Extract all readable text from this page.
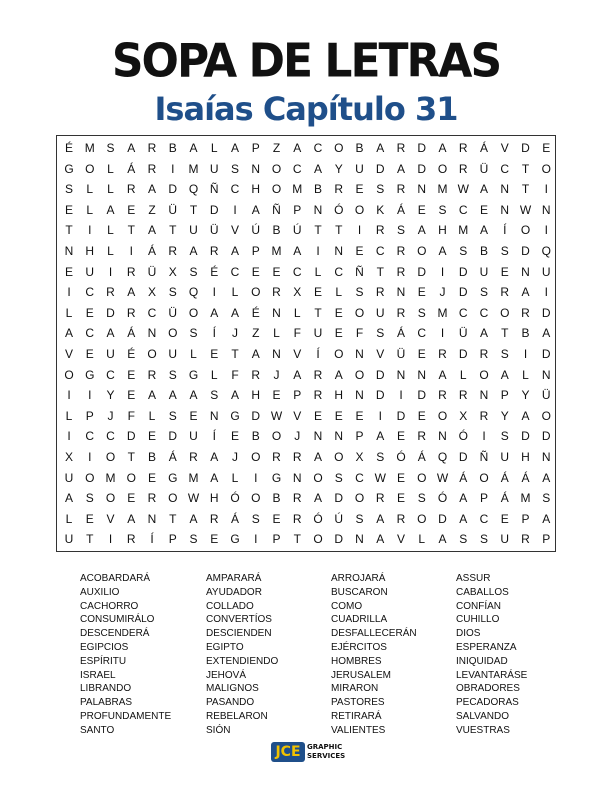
SOPA DE LETRAS
Isaías Capítulo 31
É M S	A	R	B	A	L	A	P	Z	A	C O	B	A	R	D	A	R	Á	V	D	E
G O	L	Á	R	I	M U	S	N O C	A	Y	U	D	A	D O R	Ü	C	T	O
S	L	L	R	A	D Q Ñ	C	H O M B	R	E	S	R	N M W A	N	T	I
E	L	A	E	Z	Ü	T	D	I	A	Ñ	P	N Ó O	K	Á	E	S	C	E	N W N
T	I	L	T	A	T	U	Ü	V	Ú	B	Ú	T	T	I	R	S	A	H M A	Í	O	I
N	H	L	I	Á	R	A	R	A	P M A	I	N	E	C	R O	A	S	B	S	D Q
E	U	I	R	Ü	X	S	É	C	E	E	C	L	C	Ñ	T	R	D	I	D	U	E	N	U
I	C	R	A	X	S	Q	I	L	O R	X	E	L	S	R	N	E	J	D	S	R	A	I
L	E	D	R	C	Ü O	A	A	É	N	L	T	E	O U	R	S M C	C O R	D
A	C	A	Á	N O	S	Í	J	Z	L	F	U	E	F	S	Á	C	I	Ü	A	T	B	A
V	E	U	É	O U	L	E	T	A	N	V	Í	O N	V	Ü	E	R	D	R	S	I	D
O G C	E	R	S	G	L	F	R	J	A	R	A	O D	N	N	A	L	O	A	L	N
I	I	Y	E	A	A	A	S	A	H	E	P	R	H	N	D	I	D	R	R	N	P	Y	Ü
L	P	J	F	L	S	E	N G D W V	E	E	E	I	D	E	O	X	R	Y	A	O
I	C	C	D	E	D	U	Í	E	B	O	J	N	N	P	A	E	R	N Ó	I	S	D	D
X	I	O	T	B	Á	R	A	J	O R	R	A	O	X	S	Ó	Á	Q D	Ñ	U	H	N
U O M O	E	G M A	L	I	G N O	S	C W E	O W Á	O	Á	Á	A
A	S	O	E	R O W H Ó O	B	R	A	D O R	E	S	Ó	A	P	Á M S
L	E	V	A	N	T	A	R	Á	S	E	R Ó Ú	S	A	R O D	A	C	E	P	A
U	T	I	R	Í	P	S	E	G	I	P	T	O D	N	A	V	L	A	S	S	U	R	P
ACOBARDARÁ
AUXILIO
CACHORRO
CONSUMIRÁLO
DESCENDERÁ
EGIPCIOS
ESPÍRITU
ISRAEL
LIBRANDO
PALABRAS
PROFUNDAMENTE
SANTO
AMPARARÁ
AYUDADOR
COLLADO
CONVERTÍOS
DESCIENDEN
EGIPTO
EXTENDIENDO
JEHOVÁ
MALIGNOS
PASANDO
REBELARON
SIÓN
ARROJARÁ
BUSCARON
COMO
CUADRILLA
DESFALLECERÁN
EJÉRCITOS
HOMBRES
JERUSALEM
MIRARON
PASTORES
RETIRARÁ
VALIENTES
ASSUR
CABALLOS
CONFÍAN
CUHILLO
DIOS
ESPERANZA
INIQUIDAD
LEVANTARÁSE
OBRADORES
PECADORAS
SALVANDO
VUESTRAS
JCE GRAPHIC
SERVICES
